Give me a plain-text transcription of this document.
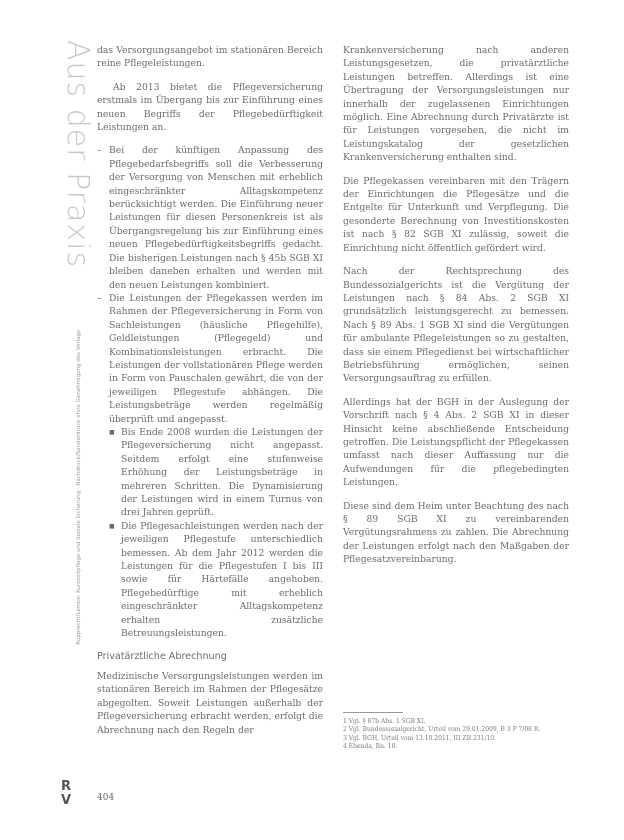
Aus der Praxis
Rupprecht/Lemke: Kurzzeitpflege und Soziale Sicherung · Nachdruck/Sonderdruck ohne Genehmigung des Verlags
R
V

das Versorgungsangebot im stationären Bereich reine Pflegeleistungen.

Ab 2013 bietet die Pflegeversicherung erstmals im Übergang bis zur Einführung eines neuen Begriffs der Pflegebedürftigkeit Leistungen an.

– Bei der künftigen Anpassung des Pflegebedarfsbegriffs soll die Verbesserung der Versorgung von Menschen mit erheblich eingeschränkter Alltagskompetenz berücksichtigt werden. Die Einführung neuer Leistungen für diesen Personenkreis ist als Übergangsregelung bis zur Einführung eines neuen Pflegebedürftigkeitsbegriffs gedacht. Die bisherigen Leistungen nach § 45b SGB XI bleiben daneben erhalten und werden mit den neuen Leistungen kombiniert.
– Die Leistungen der Pflegekassen werden im Rahmen der Pflegeversicherung in Form von Sachleistungen (häusliche Pflegehilfe), Geldleistungen (Pflegegeld) und Kombinationsleistungen erbracht. Die Leistungen der vollstationären Pflege werden in Form von Pauschalen gewährt, die von der jeweiligen Pflegestufe abhängen. Die Leistungsbeträge werden regelmäßig überprüft und angepasst.
■ Bis Ende 2008 wurden die Leistungen der Pflegeversicherung nicht angepasst. Seitdem erfolgt eine stufenweise Erhöhung der Leistungsbeträge in mehreren Schritten. Die Dynamisierung der Leistungen wird in einem Turnus von drei Jahren geprüft.
■ Die Pflegesachleistungen werden nach der jeweiligen Pflegestufe unterschiedlich bemessen. Ab dem Jahr 2012 werden die Leistungen für die Pflegestufen I bis III sowie für Härtefälle angehoben. Pflegebedürftige mit erheblich eingeschränkter Alltagskompetenz erhalten zusätzliche Betreuungsleistungen.
Privatärztliche Abrechnung

Medizinische Versorgungsleistungen werden im stationären Bereich im Rahmen der Pflegesätze abgegolten. Soweit Leistungen außerhalb der Pflegeversicherung erbracht werden, erfolgt die Abrechnung nach den Regeln der

Krankenversicherung nach anderen Leistungsgesetzen, die privatärztliche Leistungen betreffen. Allerdings ist eine Übertragung der Versorgungsleistungen nur innerhalb der zugelassenen Einrichtungen möglich. Eine Abrechnung durch Privatärzte ist für Leistungen vorgesehen, die nicht im Leistungskatalog der gesetzlichen Krankenversicherung enthalten sind.

Die Pflegekassen vereinbaren mit den Trägern der Einrichtungen die Pflegesätze und die Entgelte für Unterkunft und Verpflegung. Die gesonderte Berechnung von Investitionskosten ist nach § 82 SGB XI zulässig, soweit die Einrichtung nicht öffentlich gefördert wird.

Nach der Rechtsprechung des Bundessozialgerichts ist die Vergütung der Leistungen nach § 84 Abs. 2 SGB XI grundsätzlich leistungsgerecht zu bemessen. Nach § 89 Abs. 1 SGB XI sind die Vergütungen für ambulante Pflegeleistungen so zu gestalten, dass sie einem Pflegedienst bei wirtschaftlicher Betriebsführung ermöglichen, seinen Versorgungsauftrag zu erfüllen.

Allerdings hat der BGH in der Auslegung der Vorschrift nach § 4 Abs. 2 SGB XI in dieser Hinsicht keine abschließende Entscheidung getroffen. Die Leistungspflicht der Pflegekassen umfasst nach dieser Auffassung nur die Aufwendungen für die pflegebedingten Leistungen.

Diese sind dem Heim unter Beachtung des nach § 89 SGB XI zu vereinbarenden Vergütungsrahmens zu zahlen. Die Abrechnung der Leistungen erfolgt nach den Maßgaben der Pflegesatzvereinbarung.

1 Vgl. § 87b Abs. 1 SGB XI.
2 Vgl. Bundessozialgericht, Urteil vom 29.01.2009, B 3 P 7/08 R.
3 Vgl. BGH, Urteil vom 13.10.2011, III ZR 231/10.
4 Ebenda, Rn. 18.
404
